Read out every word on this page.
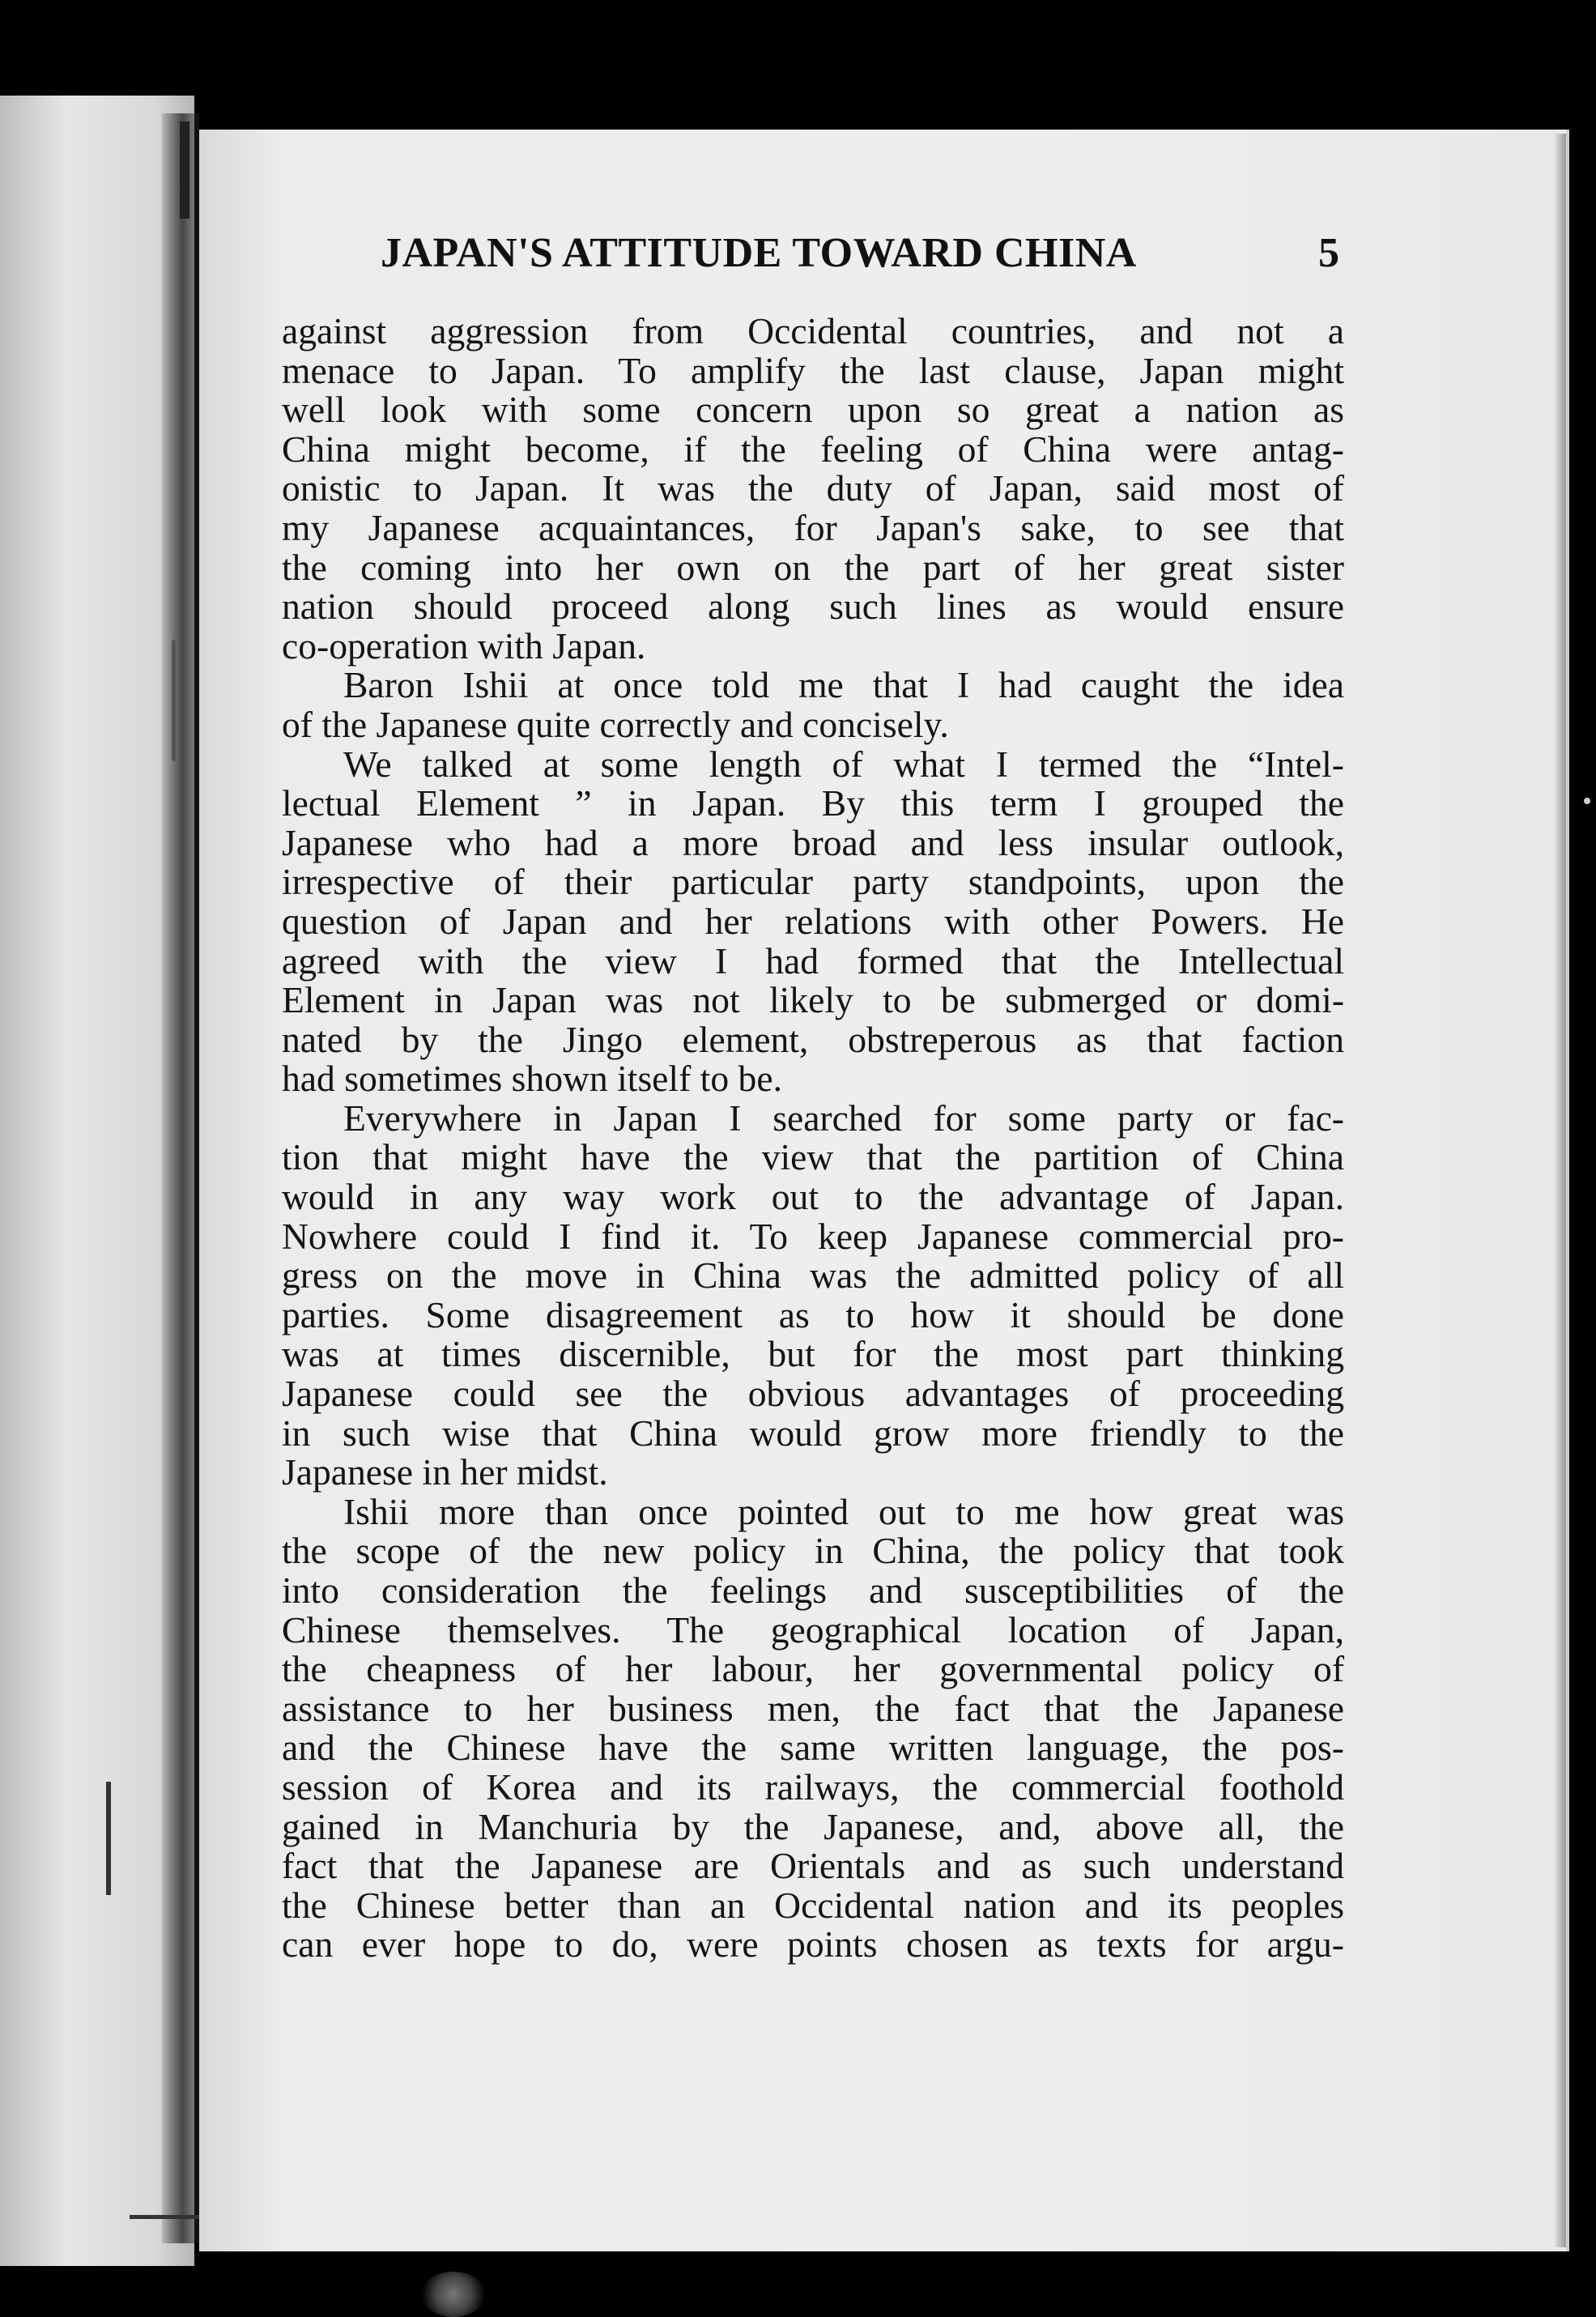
JAPAN'S ATTITUDE TOWARD CHINA	5
against aggression from Occidental countries, and not a
menace to Japan. To amplify the last clause, Japan might
well look with some concern upon so great a nation as
China might become, if the feeling of China were antag-
onistic to Japan. It was the duty of Japan, said most of
my Japanese acquaintances, for Japan's sake, to see that
the coming into her own on the part of her great sister
nation should proceed along such lines as would ensure
co-operation with Japan.
Baron Ishii at once told me that I had caught the idea
of the Japanese quite correctly and concisely.
We talked at some length of what I termed the “Intel-
lectual Element ” in Japan. By this term I grouped the
Japanese who had a more broad and less insular outlook,
irrespective of their particular party standpoints, upon the
question of Japan and her relations with other Powers. He
agreed with the view I had formed that the Intellectual
Element in Japan was not likely to be submerged or domi-
nated by the Jingo element, obstreperous as that faction
had sometimes shown itself to be.
Everywhere in Japan I searched for some party or fac-
tion that might have the view that the partition of China
would in any way work out to the advantage of Japan.
Nowhere could I find it. To keep Japanese commercial pro-
gress on the move in China was the admitted policy of all
parties. Some disagreement as to how it should be done
was at times discernible, but for the most part thinking
Japanese could see the obvious advantages of proceeding
in such wise that China would grow more friendly to the
Japanese in her midst.
Ishii more than once pointed out to me how great was
the scope of the new policy in China, the policy that took
into consideration the feelings and susceptibilities of the
Chinese themselves. The geographical location of Japan,
the cheapness of her labour, her governmental policy of
assistance to her business men, the fact that the Japanese
and the Chinese have the same written language, the pos-
session of Korea and its railways, the commercial foothold
gained in Manchuria by the Japanese, and, above all, the
fact that the Japanese are Orientals and as such understand
the Chinese better than an Occidental nation and its peoples
can ever hope to do, were points chosen as texts for argu-
